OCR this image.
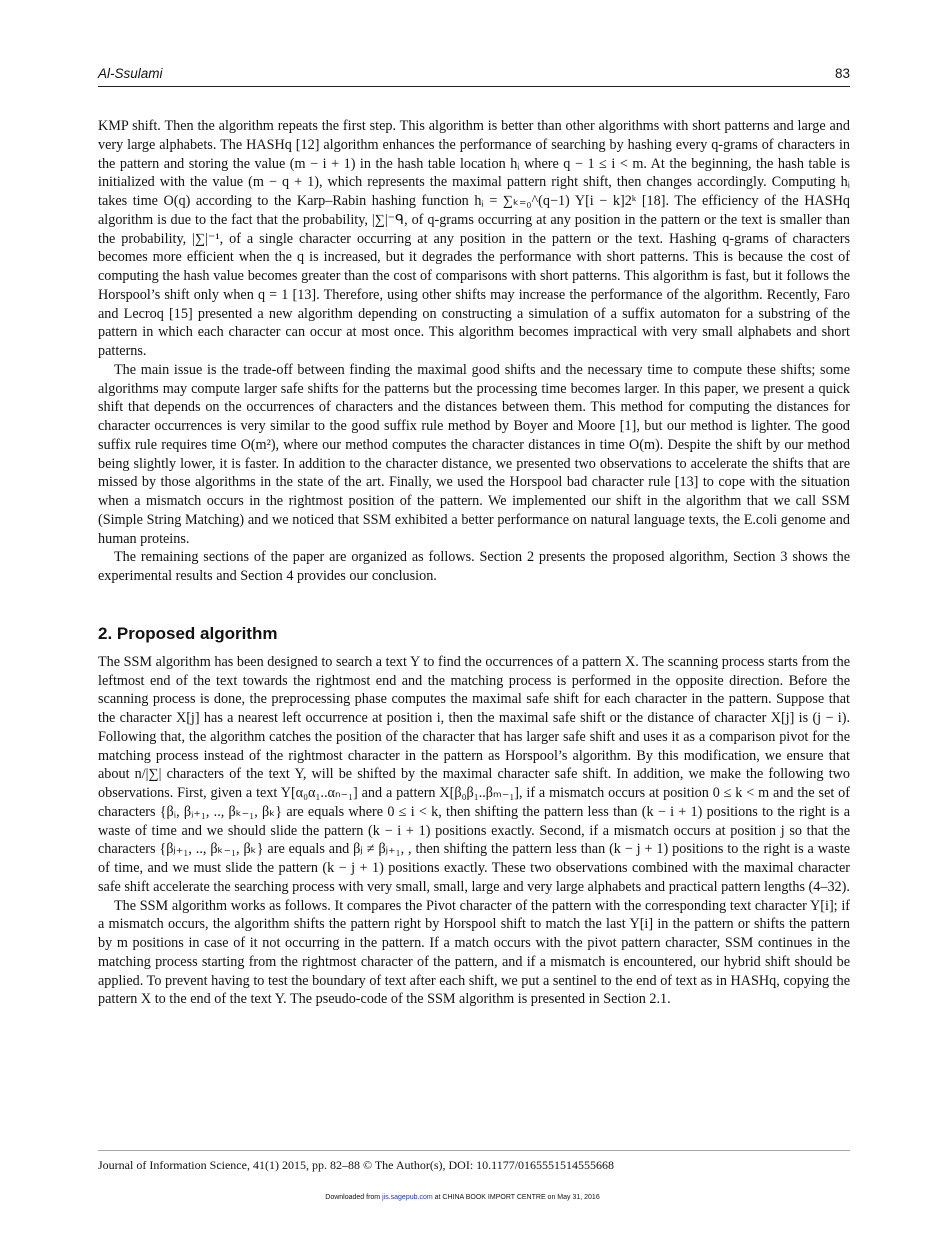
Al-Ssulami	83

KMP shift. Then the algorithm repeats the first step. This algorithm is better than other algorithms with short patterns and large and very large alphabets. The HASHq [12] algorithm enhances the performance of searching by hashing every q-grams of characters in the pattern and storing the value (m − i + 1) in the hash table location hᵢ where q − 1 ≤ i < m. At the beginning, the hash table is initialized with the value (m − q + 1), which represents the maximal pattern right shift, then changes accordingly. Computing hᵢ takes time O(q) according to the Karp–Rabin hashing function hᵢ = ∑ₖ₌₀^(q−1) Y[i − k]2ᵏ [18]. The efficiency of the HASHq algorithm is due to the fact that the probability, |∑|⁻ᑫ, of q-grams occurring at any position in the pattern or the text is smaller than the probability, |∑|⁻¹, of a single character occurring at any position in the pattern or the text. Hashing q-grams of characters becomes more efficient when the q is increased, but it degrades the performance with short patterns. This is because the cost of computing the hash value becomes greater than the cost of comparisons with short patterns. This algorithm is fast, but it follows the Horspool’s shift only when q = 1 [13]. Therefore, using other shifts may increase the performance of the algorithm. Recently, Faro and Lecroq [15] presented a new algorithm depending on constructing a simulation of a suffix automaton for a substring of the pattern in which each character can occur at most once. This algorithm becomes impractical with very small alphabets and short patterns.

The main issue is the trade-off between finding the maximal good shifts and the necessary time to compute these shifts; some algorithms may compute larger safe shifts for the patterns but the processing time becomes larger. In this paper, we present a quick shift that depends on the occurrences of characters and the distances between them. This method for computing the distances for character occurrences is very similar to the good suffix rule method by Boyer and Moore [1], but our method is lighter. The good suffix rule requires time O(m²), where our method computes the character distances in time O(m). Despite the shift by our method being slightly lower, it is faster. In addition to the character distance, we presented two observations to accelerate the shifts that are missed by those algorithms in the state of the art. Finally, we used the Horspool bad character rule [13] to cope with the situation when a mismatch occurs in the rightmost position of the pattern. We implemented our shift in the algorithm that we call SSM (Simple String Matching) and we noticed that SSM exhibited a better performance on natural language texts, the E.coli genome and human proteins.

The remaining sections of the paper are organized as follows. Section 2 presents the proposed algorithm, Section 3 shows the experimental results and Section 4 provides our conclusion.

2. Proposed algorithm

The SSM algorithm has been designed to search a text Y to find the occurrences of a pattern X. The scanning process starts from the leftmost end of the text towards the rightmost end and the matching process is performed in the opposite direction. Before the scanning process is done, the preprocessing phase computes the maximal safe shift for each character in the pattern. Suppose that the character X[j] has a nearest left occurrence at position i, then the maximal safe shift or the distance of character X[j] is (j − i). Following that, the algorithm catches the position of the character that has larger safe shift and uses it as a comparison pivot for the matching process instead of the rightmost character in the pattern as Horspool’s algorithm. By this modification, we ensure that about n/|∑| characters of the text Y, will be shifted by the maximal character safe shift. In addition, we make the following two observations. First, given a text Y[α₀α₁..αₙ₋₁] and a pattern X[β₀β₁..βₘ₋₁], if a mismatch occurs at position 0 ≤ k < m and the set of characters {βᵢ, βᵢ₊₁, .., βₖ₋₁, βₖ} are equals where 0 ≤ i < k, then shifting the pattern less than (k − i + 1) positions to the right is a waste of time and we should slide the pattern (k − i + 1) positions exactly. Second, if a mismatch occurs at position j so that the characters {βⱼ₊₁, .., βₖ₋₁, βₖ} are equals and βⱼ ≠ βⱼ₊₁, , then shifting the pattern less than (k − j + 1) positions to the right is a waste of time, and we must slide the pattern (k − j + 1) positions exactly. These two observations combined with the maximal character safe shift accelerate the searching process with very small, small, large and very large alphabets and practical pattern lengths (4–32).

The SSM algorithm works as follows. It compares the Pivot character of the pattern with the corresponding text character Y[i]; if a mismatch occurs, the algorithm shifts the pattern right by Horspool shift to match the last Y[i] in the pattern or shifts the pattern by m positions in case of it not occurring in the pattern. If a match occurs with the pivot pattern character, SSM continues in the matching process starting from the rightmost character of the pattern, and if a mismatch is encountered, our hybrid shift should be applied. To prevent having to test the boundary of text after each shift, we put a sentinel to the end of text as in HASHq, copying the pattern X to the end of the text Y. The pseudo-code of the SSM algorithm is presented in Section 2.1.

Journal of Information Science, 41(1) 2015, pp. 82–88 © The Author(s), DOI: 10.1177/0165551514555668
Downloaded from jis.sagepub.com at CHINA BOOK IMPORT CENTRE on May 31, 2016
